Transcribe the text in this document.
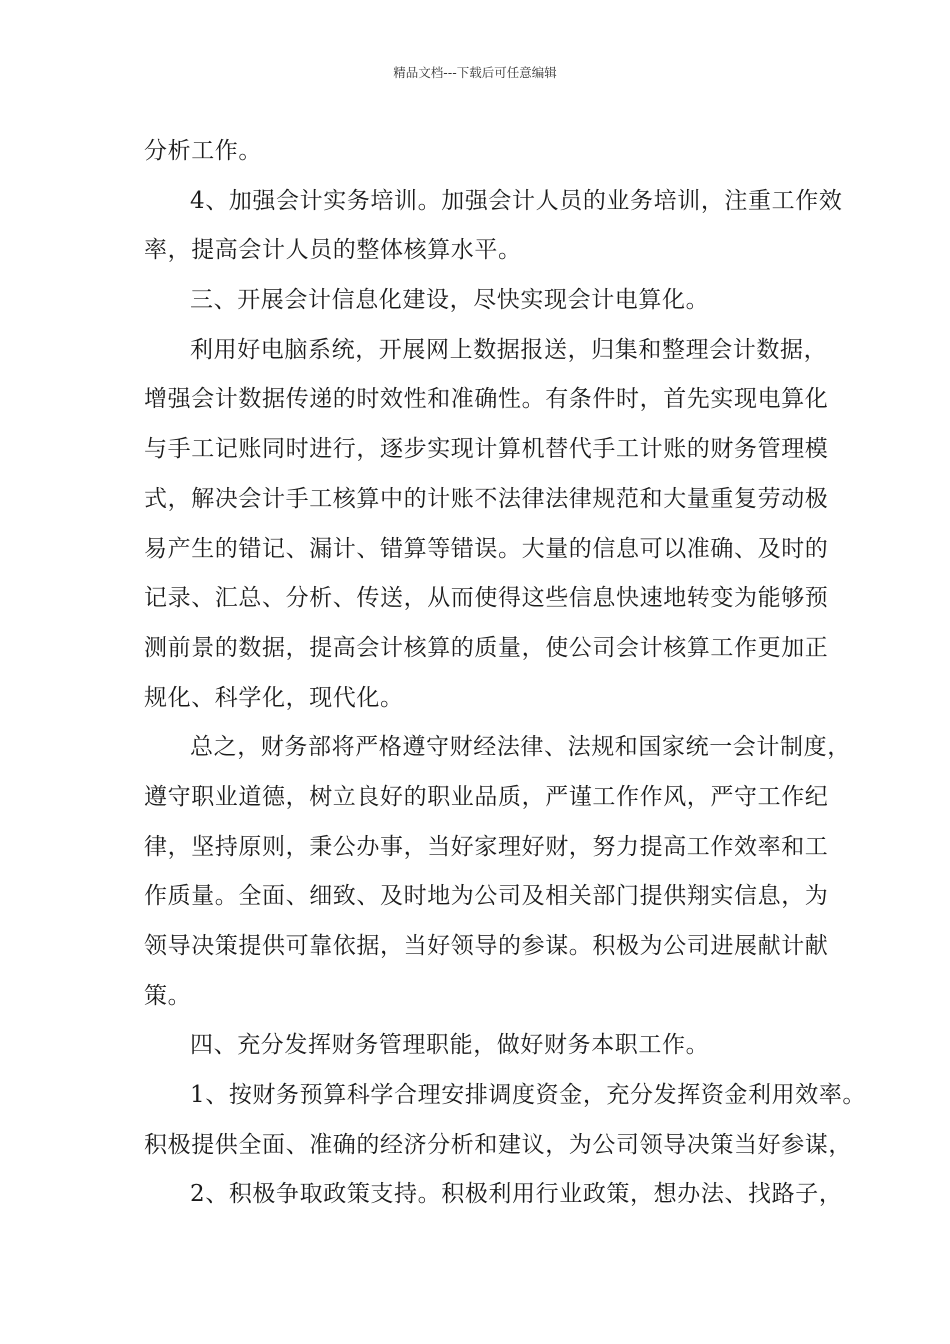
精品文档---下载后可任意编辑
分析工作。
4、加强会计实务培训。加强会计人员的业务培训，注重工作效
率，提高会计人员的整体核算水平。
三、开展会计信息化建设，尽快实现会计电算化。
利用好电脑系统，开展网上数据报送，归集和整理会计数据，
增强会计数据传递的时效性和准确性。有条件时，首先实现电算化
与手工记账同时进行，逐步实现计算机替代手工计账的财务管理模
式，解决会计手工核算中的计账不法律法律规范和大量重复劳动极
易产生的错记、漏计、错算等错误。大量的信息可以准确、及时的
记录、汇总、分析、传送，从而使得这些信息快速地转变为能够预
测前景的数据，提高会计核算的质量，使公司会计核算工作更加正
规化、科学化，现代化。
总之，财务部将严格遵守财经法律、法规和国家统一会计制度，
遵守职业道德，树立良好的职业品质，严谨工作作风，严守工作纪
律，坚持原则，秉公办事，当好家理好财，努力提高工作效率和工
作质量。全面、细致、及时地为公司及相关部门提供翔实信息，为
领导决策提供可靠依据，当好领导的参谋。积极为公司进展献计献
策。
四、充分发挥财务管理职能，做好财务本职工作。
1、按财务预算科学合理安排调度资金，充分发挥资金利用效率。
积极提供全面、准确的经济分析和建议，为公司领导决策当好参谋，
2、积极争取政策支持。积极利用行业政策，想办法、找路子，
